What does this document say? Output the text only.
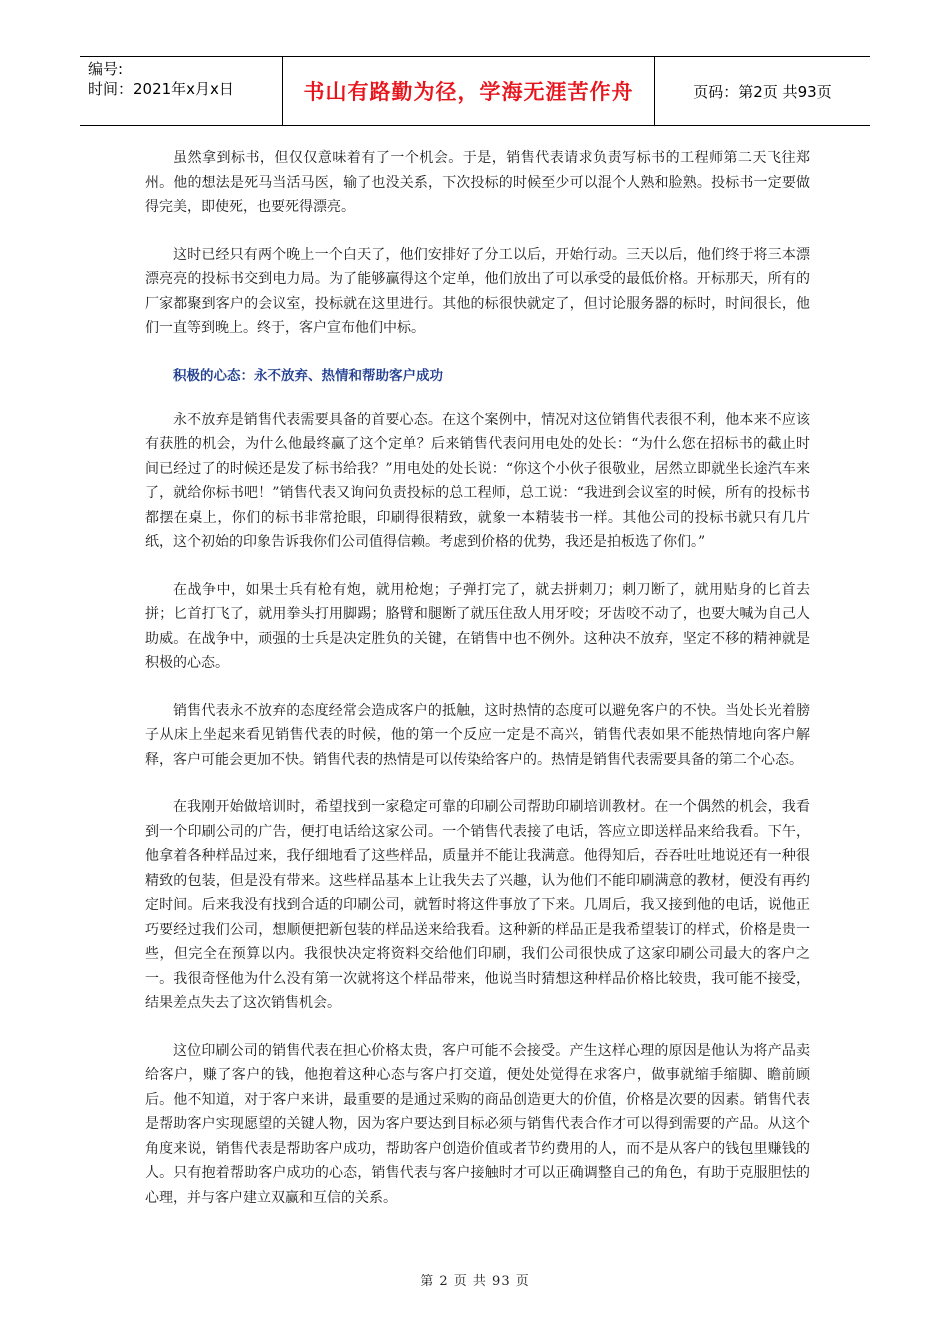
编号:
时间：2021年x月x日	书山有路勤为径，学海无涯苦作舟	页码：第2页 共93页

虽然拿到标书，但仅仅意味着有了一个机会。于是，销售代表请求负责写标书的工程师第二天飞往郑州。他的想法是死马当活马医，输了也没关系，下次投标的时候至少可以混个人熟和脸熟。投标书一定要做得完美，即使死，也要死得漂亮。

这时已经只有两个晚上一个白天了，他们安排好了分工以后，开始行动。三天以后，他们终于将三本漂漂亮亮的投标书交到电力局。为了能够赢得这个定单，他们放出了可以承受的最低价格。开标那天，所有的厂家都聚到客户的会议室，投标就在这里进行。其他的标很快就定了，但讨论服务器的标时，时间很长，他们一直等到晚上。终于，客户宣布他们中标。

积极的心态：永不放弃、热情和帮助客户成功

永不放弃是销售代表需要具备的首要心态。在这个案例中，情况对这位销售代表很不利，他本来不应该有获胜的机会，为什么他最终赢了这个定单？后来销售代表问用电处的处长：“为什么您在招标书的截止时间已经过了的时候还是发了标书给我？”用电处的处长说：“你这个小伙子很敬业，居然立即就坐长途汽车来了，就给你标书吧！”销售代表又询问负责投标的总工程师，总工说：“我进到会议室的时候，所有的投标书都摆在桌上，你们的标书非常抢眼，印刷得很精致，就象一本精装书一样。其他公司的投标书就只有几片纸，这个初始的印象告诉我你们公司值得信赖。考虑到价格的优势，我还是拍板选了你们。”

在战争中，如果士兵有枪有炮，就用枪炮；子弹打完了，就去拼刺刀；刺刀断了，就用贴身的匕首去拼；匕首打飞了，就用拳头打用脚踢；胳臂和腿断了就压住敌人用牙咬；牙齿咬不动了，也要大喊为自己人助威。在战争中，顽强的士兵是决定胜负的关键，在销售中也不例外。这种决不放弃，坚定不移的精神就是积极的心态。

销售代表永不放弃的态度经常会造成客户的抵触，这时热情的态度可以避免客户的不快。当处长光着膀子从床上坐起来看见销售代表的时候，他的第一个反应一定是不高兴，销售代表如果不能热情地向客户解释，客户可能会更加不快。销售代表的热情是可以传染给客户的。热情是销售代表需要具备的第二个心态。

在我刚开始做培训时，希望找到一家稳定可靠的印刷公司帮助印刷培训教材。在一个偶然的机会，我看到一个印刷公司的广告，便打电话给这家公司。一个销售代表接了电话，答应立即送样品来给我看。下午，他拿着各种样品过来，我仔细地看了这些样品，质量并不能让我满意。他得知后，吞吞吐吐地说还有一种很精致的包装，但是没有带来。这些样品基本上让我失去了兴趣，认为他们不能印刷满意的教材，便没有再约定时间。后来我没有找到合适的印刷公司，就暂时将这件事放了下来。几周后，我又接到他的电话，说他正巧要经过我们公司，想顺便把新包装的样品送来给我看。这种新的样品正是我希望装订的样式，价格是贵一些，但完全在预算以内。我很快决定将资料交给他们印刷，我们公司很快成了这家印刷公司最大的客户之一。我很奇怪他为什么没有第一次就将这个样品带来，他说当时猜想这种样品价格比较贵，我可能不接受，结果差点失去了这次销售机会。

这位印刷公司的销售代表在担心价格太贵，客户可能不会接受。产生这样心理的原因是他认为将产品卖给客户，赚了客户的钱，他抱着这种心态与客户打交道，便处处觉得在求客户，做事就缩手缩脚、瞻前顾后。他不知道，对于客户来讲，最重要的是通过采购的商品创造更大的价值，价格是次要的因素。销售代表是帮助客户实现愿望的关键人物，因为客户要达到目标必须与销售代表合作才可以得到需要的产品。从这个角度来说，销售代表是帮助客户成功，帮助客户创造价值或者节约费用的人，而不是从客户的钱包里赚钱的人。只有抱着帮助客户成功的心态，销售代表与客户接触时才可以正确调整自己的角色，有助于克服胆怯的心理，并与客户建立双赢和互信的关系。

第 2 页 共 93 页
